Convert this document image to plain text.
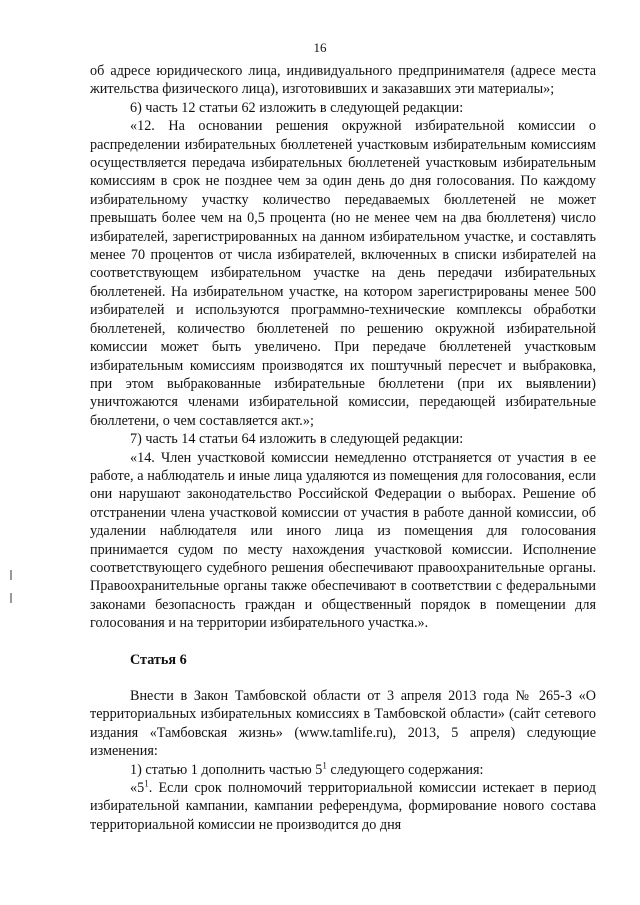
16

об адресе юридического лица, индивидуального предпринимателя (адресе места жительства физического лица), изготовивших и заказавших эти материалы»;

6) часть 12 статьи 62 изложить в следующей редакции:

«12. На основании решения окружной избирательной комиссии о распределении избирательных бюллетеней участковым избирательным комиссиям осуществляется передача избирательных бюллетеней участковым избирательным комиссиям в срок не позднее чем за один день до дня голосования. По каждому избирательному участку количество передаваемых бюллетеней не может превышать более чем на 0,5 процента (но не менее чем на два бюллетеня) число избирателей, зарегистрированных на данном избирательном участке, и составлять менее 70 процентов от числа избирателей, включенных в списки избирателей на соответствующем избирательном участке на день передачи избирательных бюллетеней. На избирательном участке, на котором зарегистрированы менее 500 избирателей и используются программно-технические комплексы обработки бюллетеней, количество бюллетеней по решению окружной избирательной комиссии может быть увеличено. При передаче бюллетеней участковым избирательным комиссиям производятся их поштучный пересчет и выбраковка, при этом выбракованные избирательные бюллетени (при их выявлении) уничтожаются членами избирательной комиссии, передающей избирательные бюллетени, о чем составляется акт.»;

7) часть 14 статьи 64 изложить в следующей редакции:

«14. Член участковой комиссии немедленно отстраняется от участия в ее работе, а наблюдатель и иные лица удаляются из помещения для голосования, если они нарушают законодательство Российской Федерации о выборах. Решение об отстранении члена участковой комиссии от участия в работе данной комиссии, об удалении наблюдателя или иного лица из помещения для голосования принимается судом по месту нахождения участковой комиссии. Исполнение соответствующего судебного решения обеспечивают правоохранительные органы. Правоохранительные органы также обеспечивают в соответствии с федеральными законами безопасность граждан и общественный порядок в помещении для голосования и на территории избирательного участка.».

Статья 6

Внести в Закон Тамбовской области от 3 апреля 2013 года № 265-З «О территориальных избирательных комиссиях в Тамбовской области» (сайт сетевого издания «Тамбовская жизнь» (www.tamlife.ru), 2013, 5 апреля) следующие изменения:

1) статью 1 дополнить частью $5^1$ следующего содержания:

«$5^1$. Если срок полномочий территориальной комиссии истекает в период избирательной кампании, кампании референдума, формирование нового состава территориальной комиссии не производится до дня
